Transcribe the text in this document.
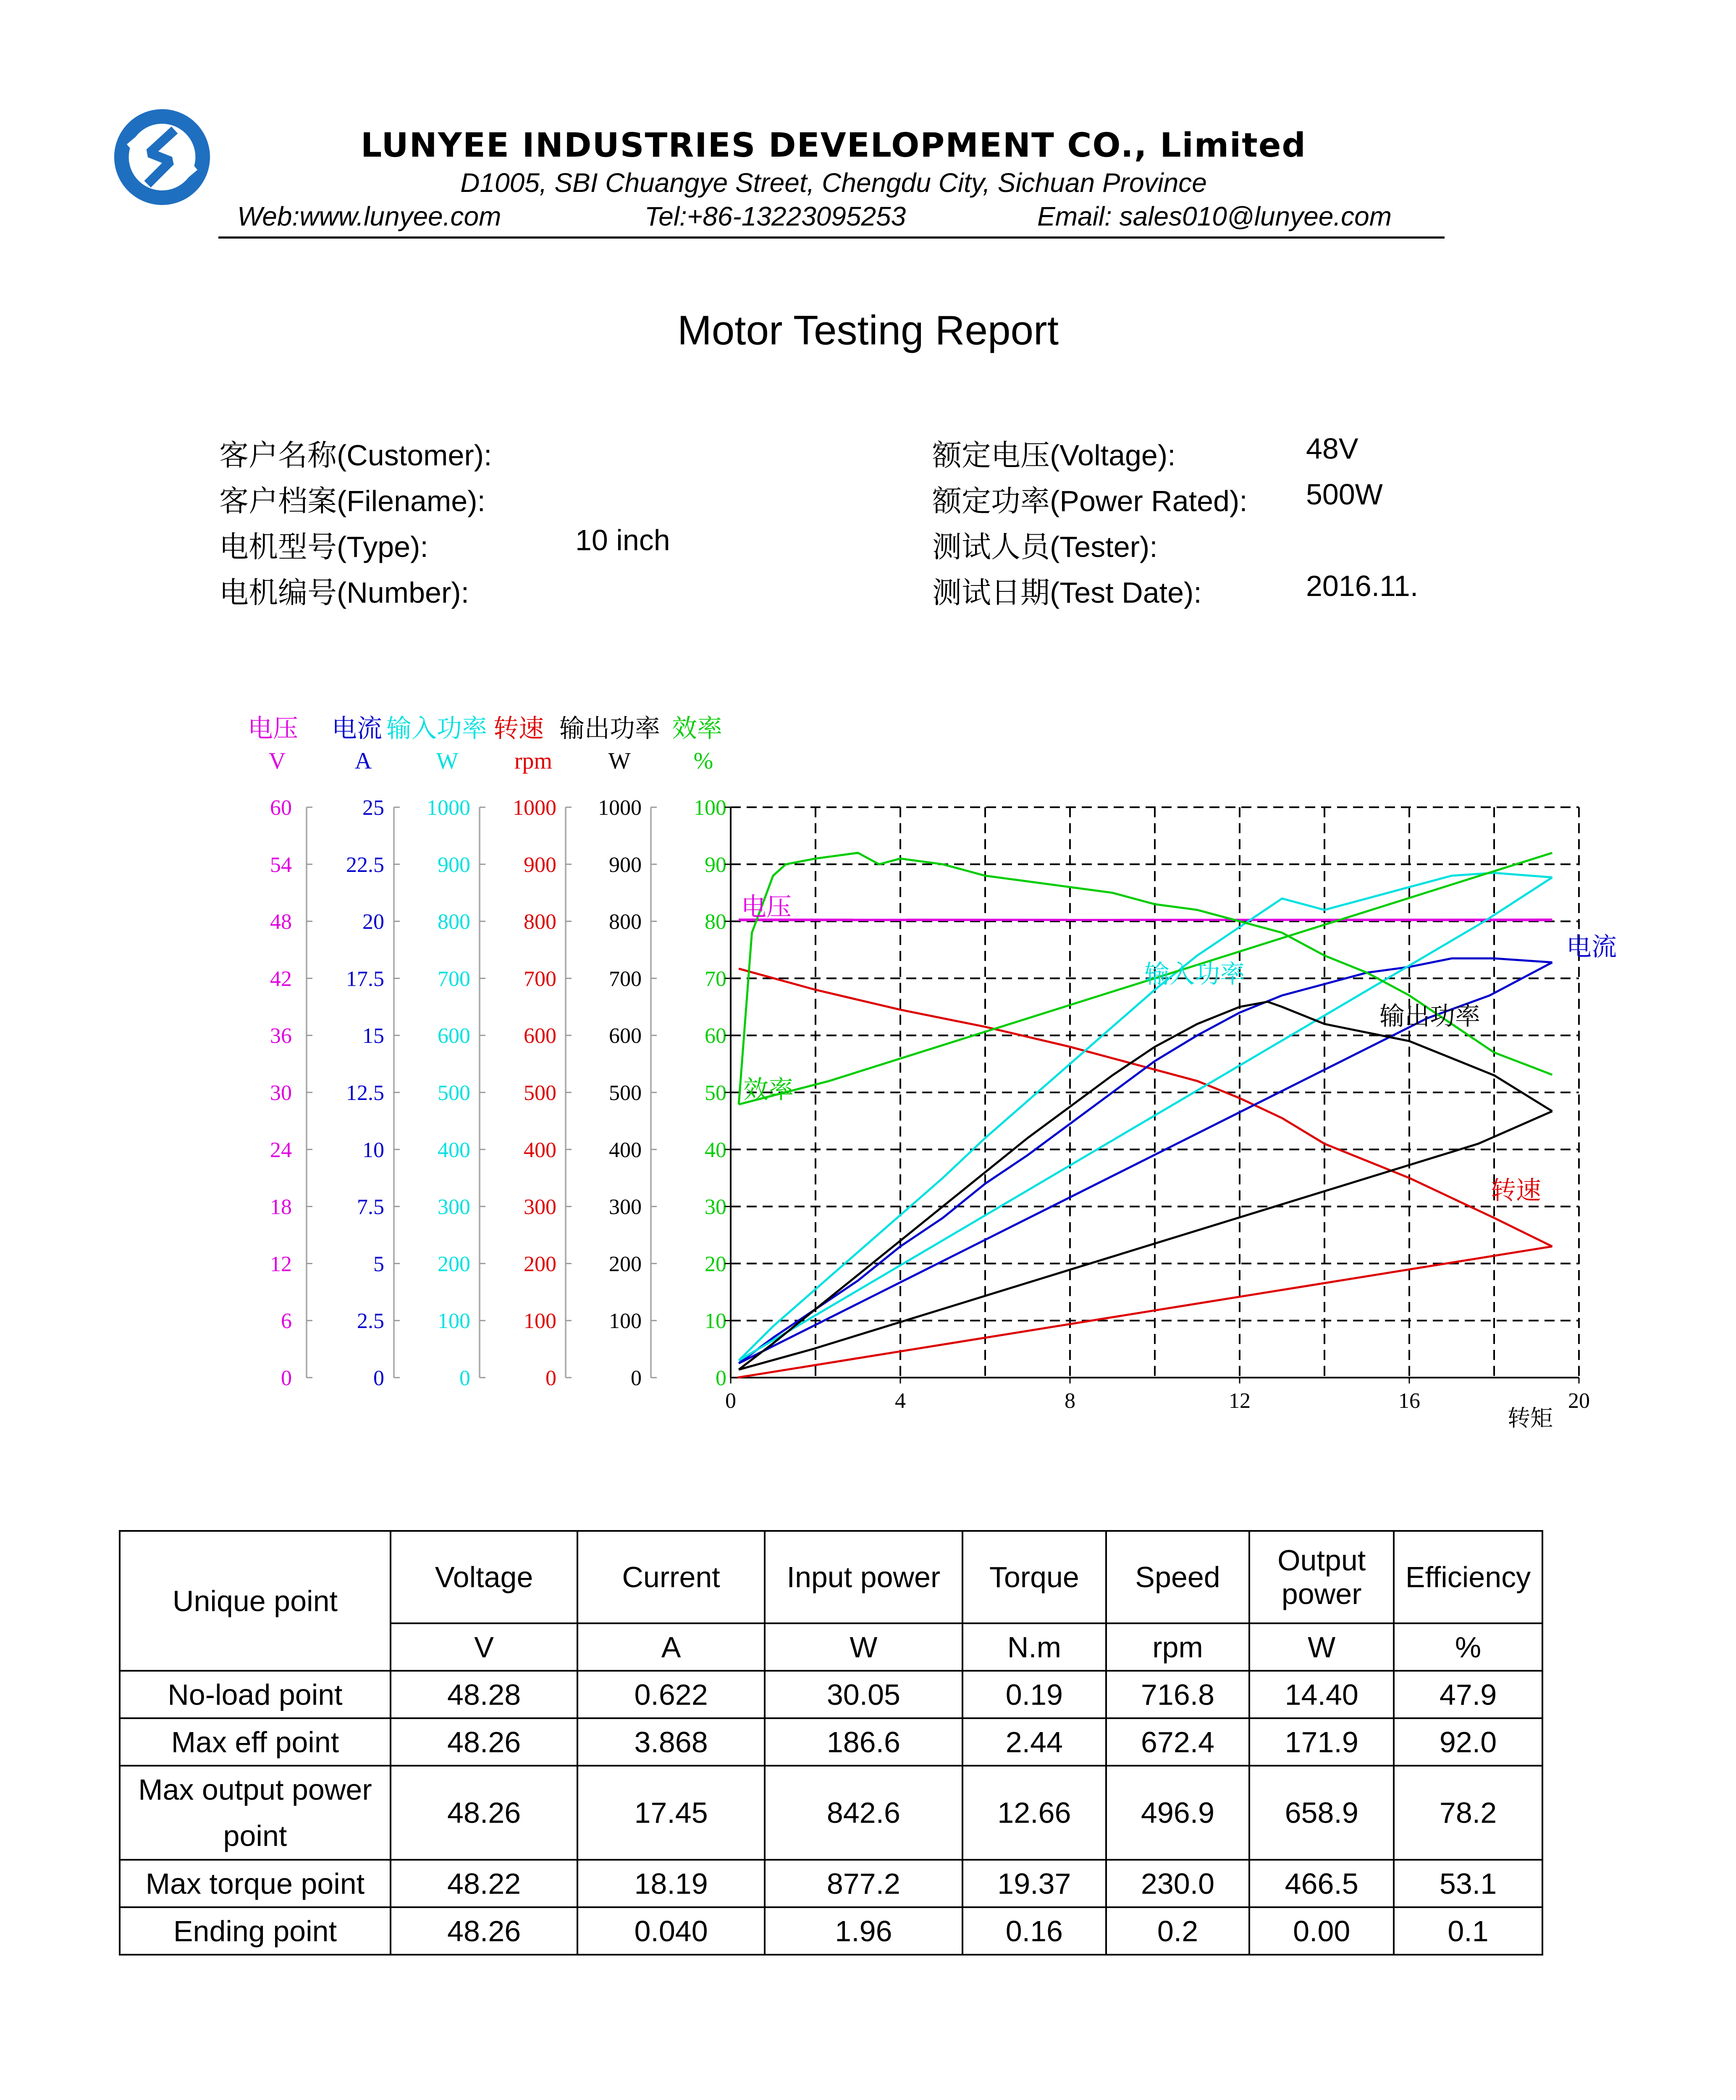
LUNYEE INDUSTRIES DEVELOPMENT CO., Limited
D1005, SBI Chuangye Street, Chengdu City, Sichuan Province
Web:www.lunyee.com	Tel:+86-13223095253	Email: sales010@lunyee.com
Motor Testing Report
客户名称(Customer):
客户档案(Filename):
电机型号(Type):	10 inch
电机编号(Number):
额定电压(Voltage):	48V
额定功率(Power Rated): 500W
测试人员(Tester):
测试日期(Test Date):	2016.11.
电压 电流 输入功率 转速 输出功率 效率
V	A	W rpm W	%
0
6
12
18
24
30
36
42
48
54
60
0
2.5
5
7.5
10
12.5
15
17.5
20
22.5
25
0
100
200
300
400
500
600
700
800
900
1000
0
100
200
300
400
500
600
700
800
900
1000
0
100
200
300
400
500
600
700
800
900
1000
0
10
20
30
40
50
60
70
80
90
100
0	4	8	12	16	20
电压
电流
输入功率
输出功率
转速
效率
转矩
Unique point	Voltage	Current	Input power	Torque	Speed	Output power	Efficiency
	V	A	W	N.m	rpm	W	%
No-load point	48.28	0.622	30.05	0.19	716.8	14.40	47.9
Max eff point	48.26	3.868	186.6	2.44	672.4	171.9	92.0
Max output power point	48.26	17.45	842.6	12.66	496.9	658.9	78.2
Max torque point	48.22	18.19	877.2	19.37	230.0	466.5	53.1
Ending point	48.26	0.040	1.96	0.16	0.2	0.00	0.1
